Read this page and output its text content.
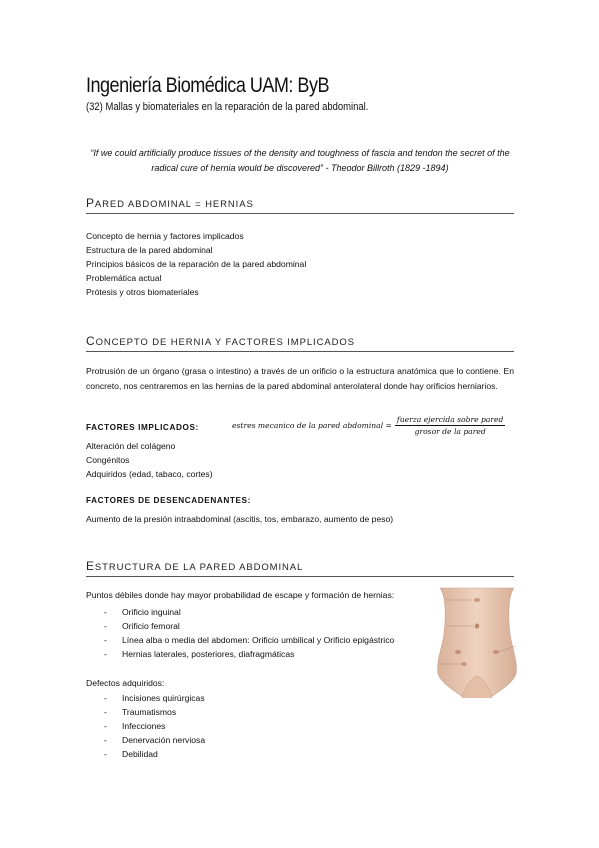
Ingeniería Biomédica UAM: ByB
(32) Mallas y biomateriales en la reparación de la pared abdominal.
“If we could artificially produce tissues of the density and toughness of fascia and tendon the secret of the radical cure of hernia would be discovered” - Theodor Billroth (1829 -1894)
PARED ABDOMINAL = HERNIAS
Concepto de hernia y factores implicados
Estructura de la pared abdominal
Principios básicos de la reparación de la pared abdominal
Problemática actual
Prótesis y otros biomateriales
CONCEPTO DE HERNIA Y FACTORES IMPLICADOS
Protrusión de un órgano (grasa o intestino) a través de un orificio o la estructura anatómica que lo contiene. En concreto, nos centraremos en las hernias de la pared abdominal anterolateral donde hay orificios herniarios.
FACTORES IMPLICADOS:	estres mecanico de la pared abdominal = $\frac{\text{fuerza ejercida sobre pared}}{\text{grosor de la pared}}$
Alteración del colágeno
Congénitos
Adquiridos (edad, tabaco, cortes)
FACTORES DE DESENCADENANTES:
Aumento de la presión intraabdominal (ascitis, tos, embarazo, aumento de peso)
ESTRUCTURA DE LA PARED ABDOMINAL
Puntos débiles donde hay mayor probabilidad de escape y formación de hernias:
- Orificio inguinal
- Orificio femoral
- Línea alba o media del abdomen: Orificio umbilical y Orificio epigástrico
- Hernias laterales, posteriores, diafragmáticas
Defectos adquiridos:
- Incisiones quirúrgicas
- Traumatismos
- Infecciones
- Denervación nerviosa
- Debilidad
